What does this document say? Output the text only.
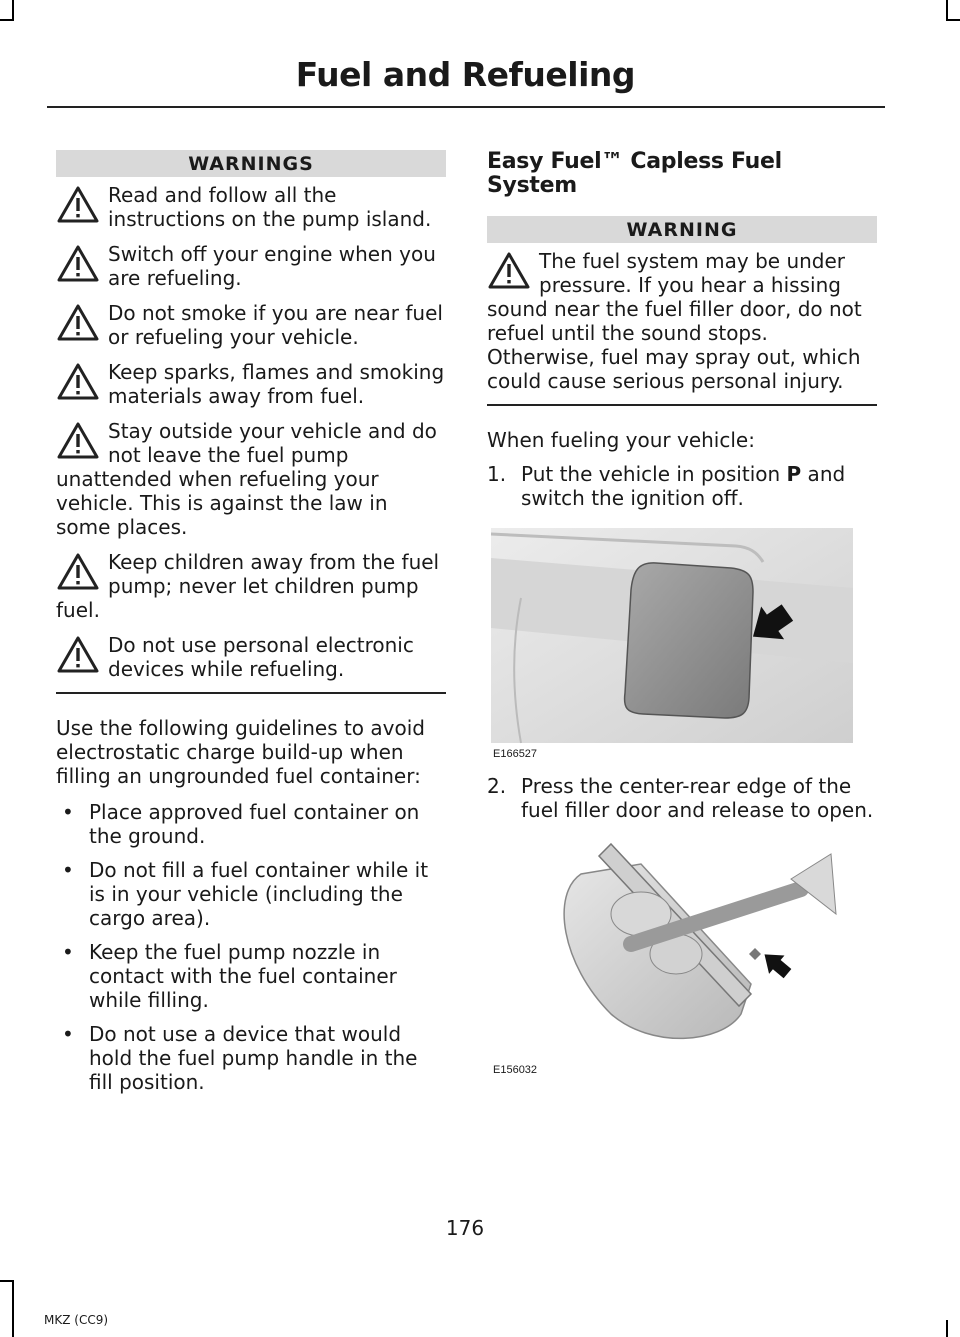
Fuel and Refueling
WARNINGS
Read and follow all the instructions on the pump island.
Switch off your engine when you are refueling.
Do not smoke if you are near fuel or refueling your vehicle.
Keep sparks, flames and smoking materials away from fuel.
Stay outside your vehicle and do not leave the fuel pump unattended when refueling your vehicle. This is against the law in some places.
Keep children away from the fuel pump; never let children pump fuel.
Do not use personal electronic devices while refueling.
Use the following guidelines to avoid electrostatic charge build-up when filling an ungrounded fuel container:
• Place approved fuel container on the ground.
• Do not fill a fuel container while it is in your vehicle (including the cargo area).
• Keep the fuel pump nozzle in contact with the fuel container while filling.
• Do not use a device that would hold the fuel pump handle in the fill position.
Easy Fuel™ Capless Fuel System
WARNING
The fuel system may be under pressure. If you hear a hissing sound near the fuel filler door, do not refuel until the sound stops. Otherwise, fuel may spray out, which could cause serious personal injury.
When fueling your vehicle:
1. Put the vehicle in position P and switch the ignition off.
E166527
2. Press the center-rear edge of the fuel filler door and release to open.
E156032
176
MKZ (CC9)
